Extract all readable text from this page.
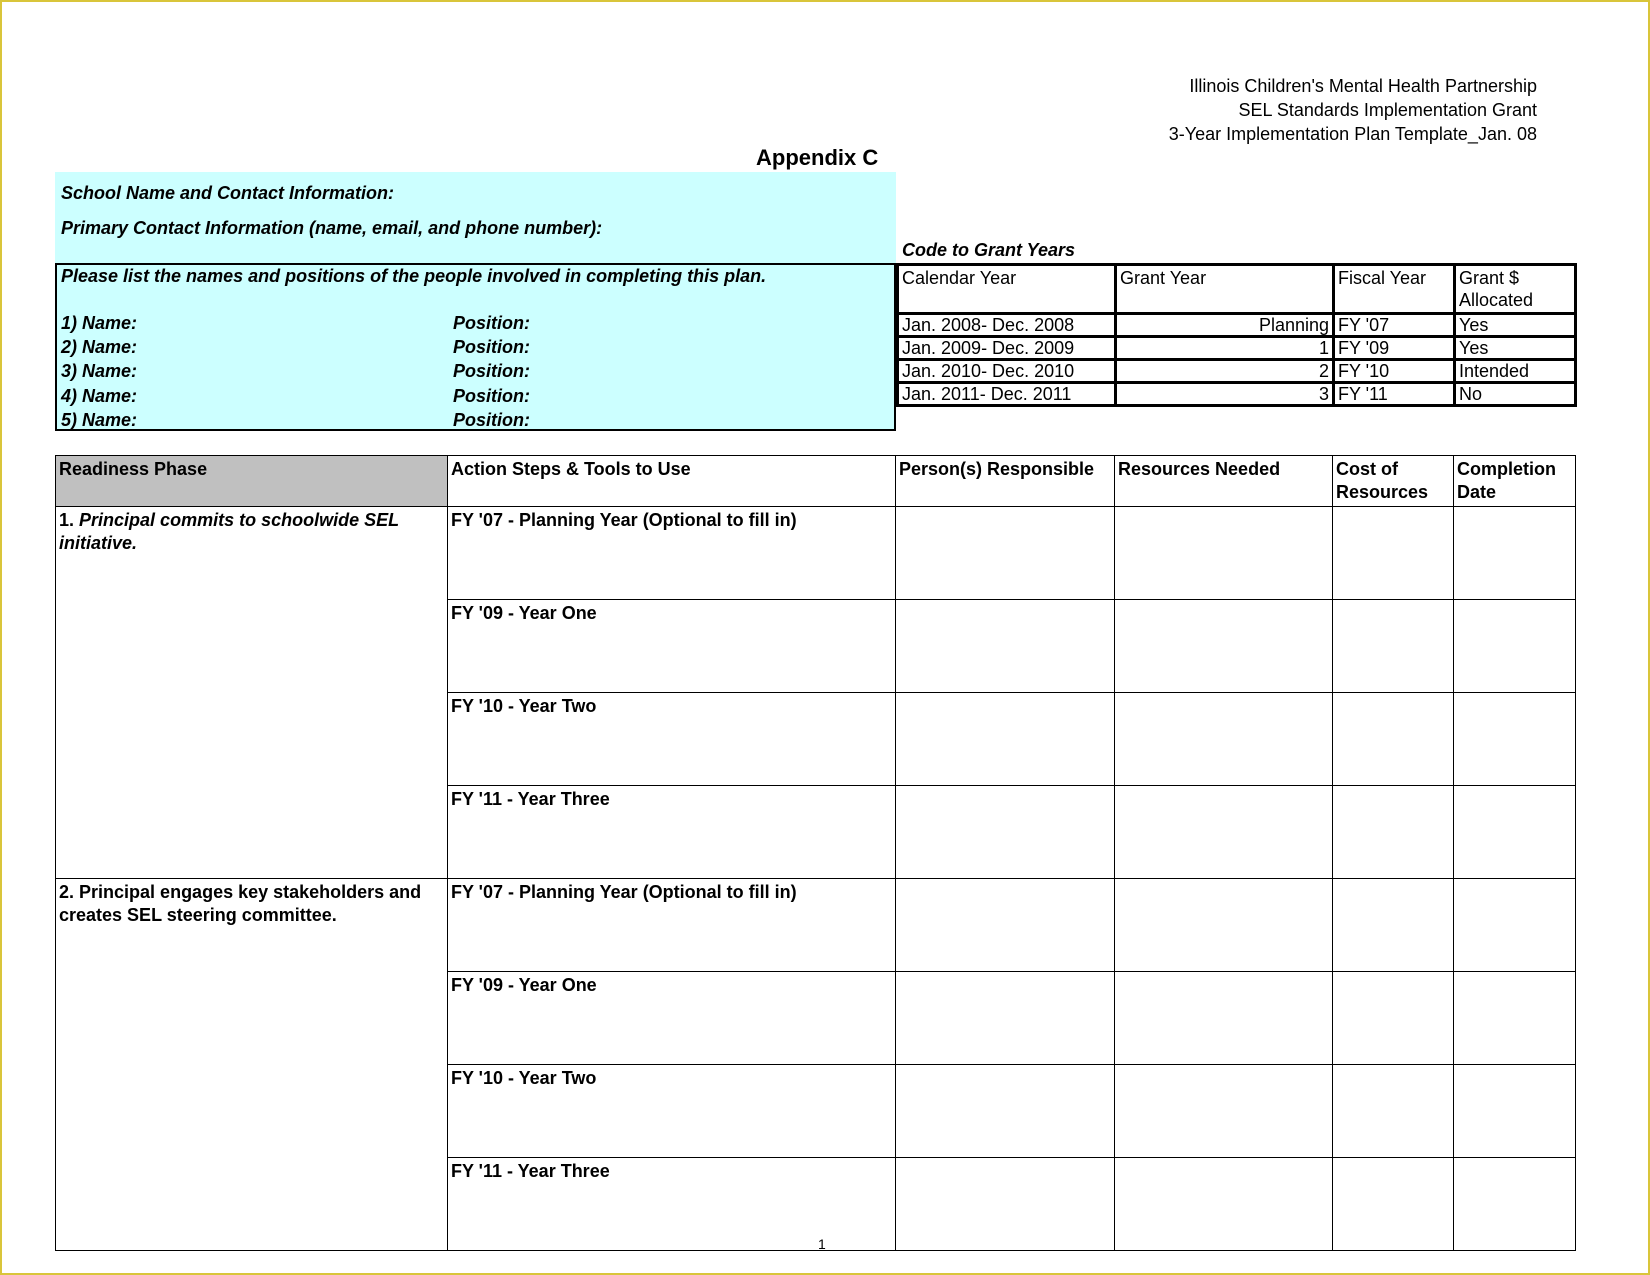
Illinois Children's Mental Health Partnership
SEL Standards Implementation Grant
3-Year Implementation Plan Template_Jan. 08
Appendix C
School Name and Contact Information:
Primary Contact Information (name, email, and phone number):
Please list the names and positions of the people involved in completing this plan.
1) Name:	Position:
2) Name:	Position:
3) Name:	Position:
4) Name:	Position:
5) Name:	Position:
Code to Grant Years
Calendar Year	Grant Year	Fiscal Year	Grant $ Allocated
Jan. 2008- Dec. 2008	Planning	FY '07	Yes
Jan. 2009- Dec. 2009	1	FY '09	Yes
Jan. 2010- Dec. 2010	2	FY '10	Intended
Jan. 2011- Dec. 2011	3	FY '11	No
Readiness Phase	Action Steps & Tools to Use	Person(s) Responsible	Resources Needed	Cost of Resources	Completion Date
1. Principal commits to schoolwide SEL initiative.	FY '07 - Planning Year (Optional to fill in)				
	FY '09 - Year One				
	FY '10 - Year Two				
	FY '11 - Year Three				
2. Principal engages key stakeholders and creates SEL steering committee.	FY '07 - Planning Year (Optional to fill in)				
	FY '09 - Year One				
	FY '10 - Year Two				
	FY '11 - Year Three				
1
